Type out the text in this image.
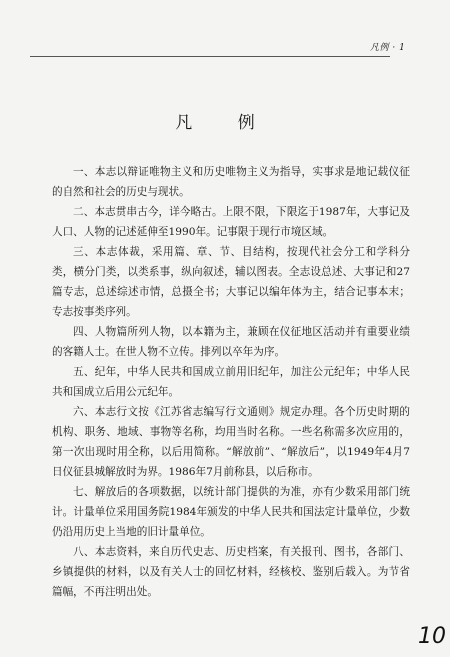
凡例 · 1
凡 例

一、本志以辩证唯物主义和历史唯物主义为指导，实事求是地记载仪征的自然和社会的历史与现状。

二、本志贯串古今，详今略古。上限不限，下限迄于1987年，大事记及人口、人物的记述延伸至1990年。记事限于现行市境区域。

三、本志体裁，采用篇、章、节、目结构，按现代社会分工和学科分类，横分门类，以类系事，纵向叙述，辅以图表。全志设总述、大事记和27篇专志，总述综述市情，总摄全书；大事记以编年体为主，结合记事本末；专志按事类序列。

四、人物篇所列人物，以本籍为主，兼顾在仪征地区活动并有重要业绩的客籍人士。在世人物不立传。排列以卒年为序。

五、纪年，中华人民共和国成立前用旧纪年，加注公元纪年；中华人民共和国成立后用公元纪年。

六、本志行文按《江苏省志编写行文通则》规定办理。各个历史时期的机构、职务、地域、事物等名称，均用当时名称。一些名称需多次应用的，第一次出现时用全称，以后用简称。“解放前”、“解放后”，以1949年4月7日仪征县城解放时为界。1986年7月前称县，以后称市。

七、解放后的各项数据，以统计部门提供的为准，亦有少数采用部门统计。计量单位采用国务院1984年颁发的中华人民共和国法定计量单位，少数仍沿用历史上当地的旧计量单位。

八、本志资料，来自历代史志、历史档案，有关报刊、图书，各部门、乡镇提供的材料，以及有关人士的回忆材料，经核校、鉴别后载入。为节省篇幅，不再注明出处。

10
